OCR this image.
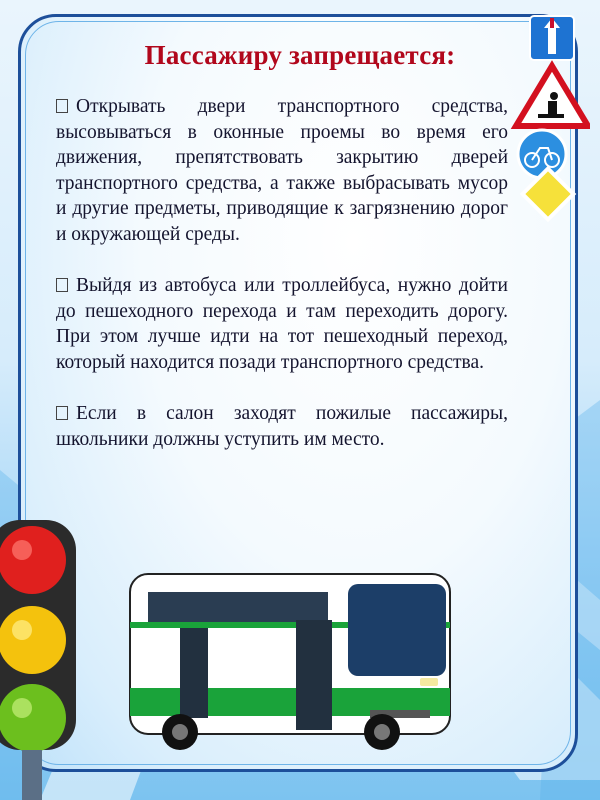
Пассажиру запрещается:

Открывать двери транспортного средства, высовываться в оконные проемы во время его движения, препятствовать закрытию дверей транспортного средства, а также выбрасывать мусор и другие предметы, приводящие к загрязнению дорог и окружающей среды.

Выйдя из автобуса или троллейбуса, нужно дойти до пешеходного перехода и там переходить дорогу. При этом лучше идти на тот пешеходный переход, который находится позади транспортного средства.

Если в салон заходят пожилые пассажиры, школьники должны уступить им место.
